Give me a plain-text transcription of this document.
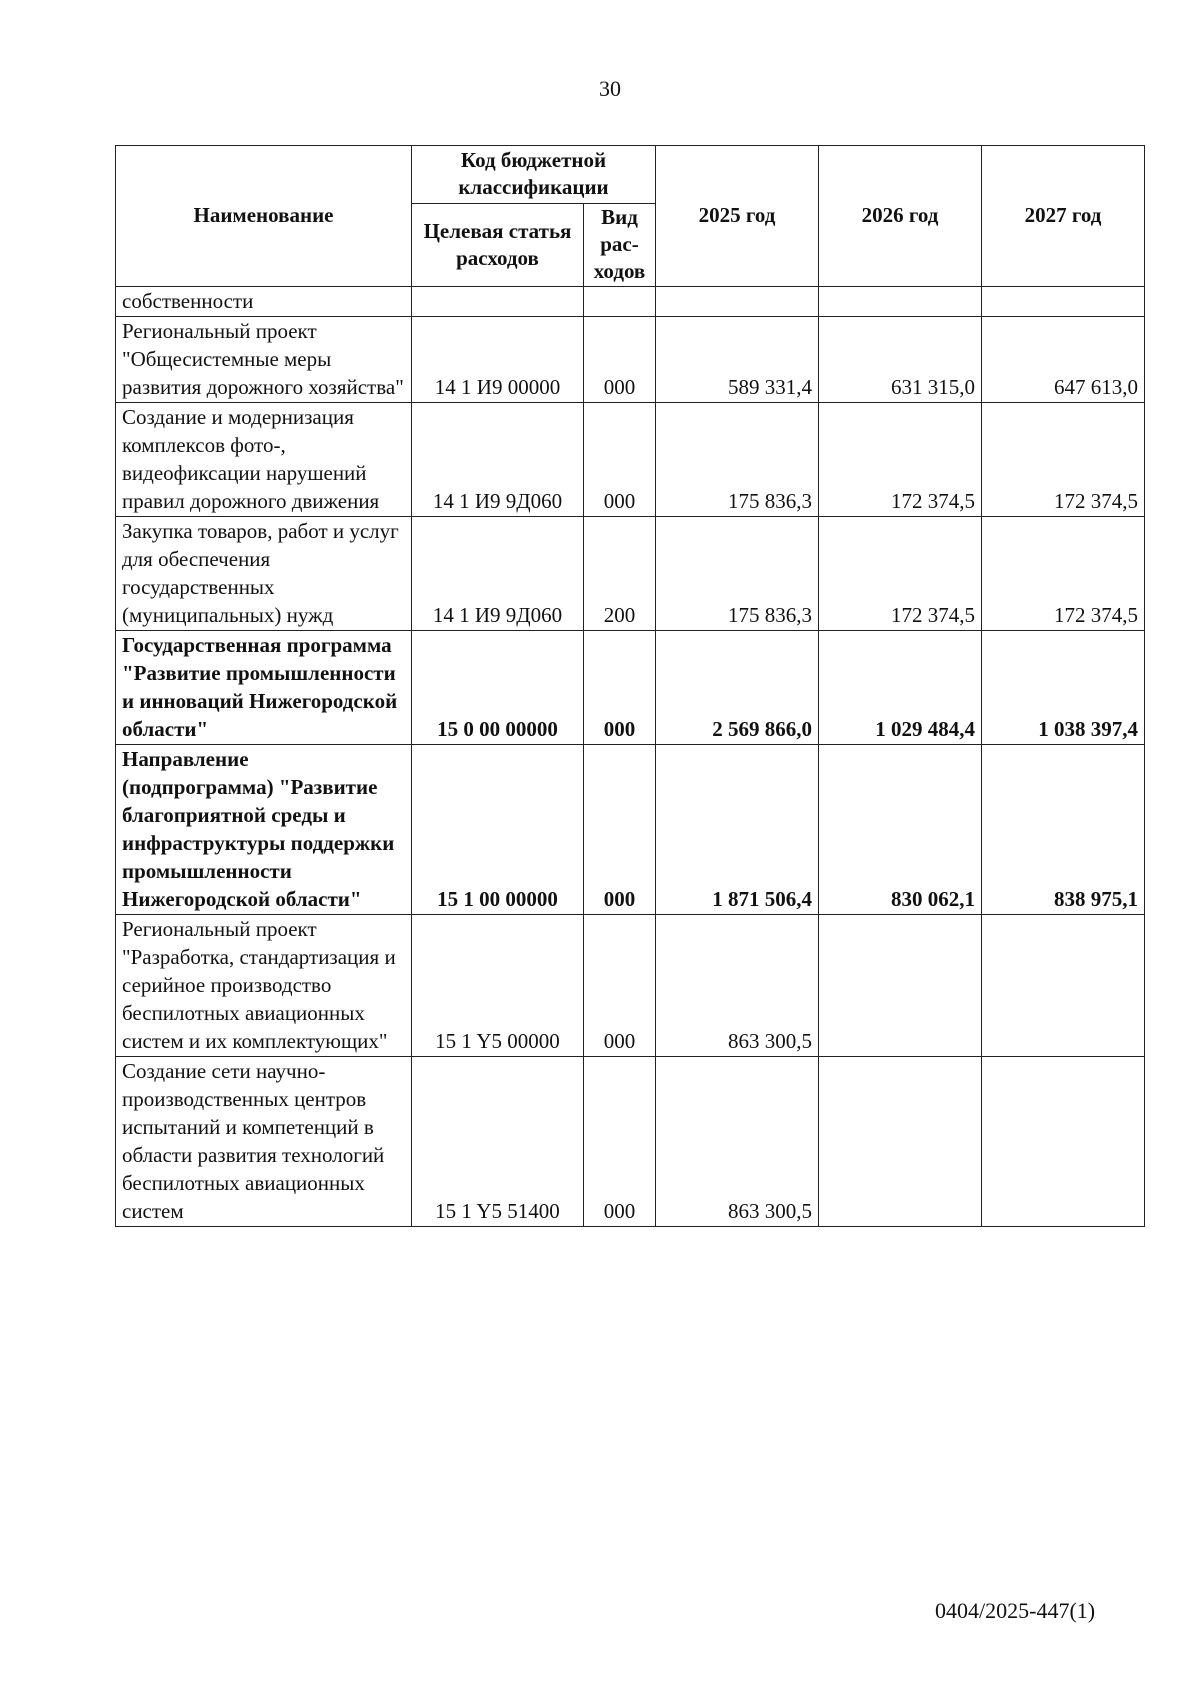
30
Наименование	Код бюджетной классификации		2025 год	2026 год	2027 год
	Целевая статья расходов	Вид рас-ходов			
собственности					
Региональный проект "Общесистемные меры развития дорожного хозяйства"	14 1 И9 00000	000	589 331,4	631 315,0	647 613,0
Создание и модернизация комплексов фото-, видеофиксации нарушений правил дорожного движения	14 1 И9 9Д060	000	175 836,3	172 374,5	172 374,5
Закупка товаров, работ и услуг для обеспечения государственных (муниципальных) нужд	14 1 И9 9Д060	200	175 836,3	172 374,5	172 374,5
Государственная программа "Развитие промышленности и инноваций Нижегородской области"	15 0 00 00000	000	2 569 866,0	1 029 484,4	1 038 397,4
Направление (подпрограмма) "Развитие благоприятной среды и инфраструктуры поддержки промышленности Нижегородской области"	15 1 00 00000	000	1 871 506,4	830 062,1	838 975,1
Региональный проект "Разработка, стандартизация и серийное производство беспилотных авиационных систем и их комплектующих"	15 1 Y5 00000	000	863 300,5		
Создание сети научно-производственных центров испытаний и компетенций в области развития технологий беспилотных авиационных систем	15 1 Y5 51400	000	863 300,5		
0404/2025-447(1)
